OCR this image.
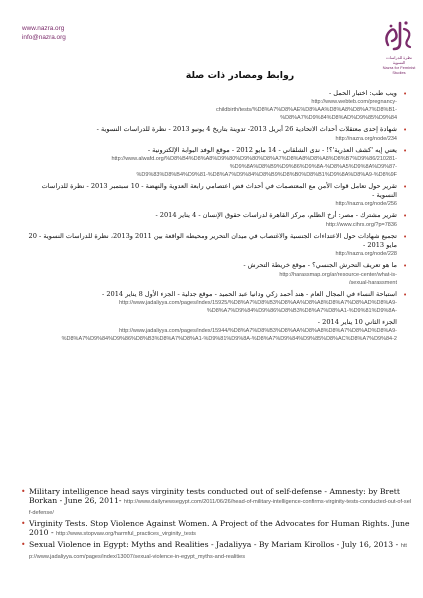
www.nazra.org
info@nazra.org
نظرة للدراسات النسوية
Nazra for Feminist Studies
روابط ومصادر ذات صلة
•
ويب طب: اختبار الحمل -
http://www.webteb.com/pregnancy-
childbirth/tests/%D8%A7%D8%AE%D8%AA%D8%A8%D8%A7%D8%B1-
%D8%A7%D9%84%D8%AD%D9%85%D9%84
•
شهادة إحدى معتقلات أحداث الاتحادية 26 أبريل 2013- تدوينة بتاريخ 4 يونيو 2013 - نظرة للدراسات النسوية -
http://nazra.org/node/234
•
يعني إيه 'كشف العذرية'؟! - ندى الشلقاني - 14 مايو 2012 - موقع الوفد البوابة الإلكترونية -
http://www.alwafd.org/%D8%B4%D8%A8%D9%80%D9%80%D8%A7%D8%A8%D8%A8%D8%B7%D9%86/210281-%D9%8A%D8%B9%D9%86%D9%8A-%D8%A5%D9%8A%D9%87-
%D9%83%D8%B4%D9%81-%D8%A7%D9%84%D8%B9%D8%B0%D8%B1%D9%8A%D8%A9-%D8%9F
•
تقرير حول تعامل قوات الأمن مع المعتصمات في أحداث فض اعتصامي رابعة العدوية والنهضة - 10 سبتمبر 2013 - نظرة للدراسات النسوية -
http://nazra.org/node/256
•
تقرير مشترك - مصر: أرخ الظلم، مركز القاهرة لدراسات حقوق الإنسان - 4 يناير 2014 -
http://www.cihrs.org/?p=7836
•
تجميع شهادات حول الاعتداءات الجنسية والاغتصاب في ميدان التحرير ومحيطه الواقعة بين 2011 و2013، نظرة للدراسات النسوية - 20 مايو 2013 -
http://nazra.org/node/228
•
ما هو تعريف التحرش الجنسي؟ - موقع خريطة التحرش -
http://harassmap.org/ar/resource-center/what-is-
/sexual-harassment
•
استباحة النساء في المجال العام - هند أحمد زكي ودانيا عبد الحميد - موقع جدلية - الجزء الأول 8 يناير 2014 -
http://www.jadaliyya.com/pages/index/15925/%D8%A7%D8%B3%D8%AA%D8%A8%D8%A7%D8%AD%D8%A9-
%D8%A7%D9%84%D9%86%D8%B3%D8%A7%D8%A1-%D9%81%D9%8A-
الجزء الثاني 10 يناير 2014 -
http://www.jadaliyya.com/pages/index/15944/%D8%A7%D8%B3%D8%AA%D8%A8%D8%A7%D8%AD%D8%A9-
%D8%A7%D9%84%D9%86%D8%B3%D8%A7%D8%A1-%D9%81%D9%8A-%D8%A7%D9%84%D9%85%D8%AC%D8%A7%D9%84-2
• Military intelligence head says virginity tests conducted out of self-defense - Amnesty: by Brett Borkan - June 26, 2011- http://www.dailynewsegypt.com/2011/06/26/head-of-military-intelligence-confirms-virginity-tests-conducted-out-of-self-defense/
• Virginity Tests. Stop Violence Against Women. A Project of the Advocates for Human Rights. June 2010 - http://www.stopvaw.org/harmful_practices_virginity_tests
• Sexual Violence in Egypt: Myths and Realities - Jadaliyya - By Mariam Kirollos - July 16, 2013 - http://www.jadaliyya.com/pages/index/13007/sexual-violence-in-egypt_myths-and-realities
